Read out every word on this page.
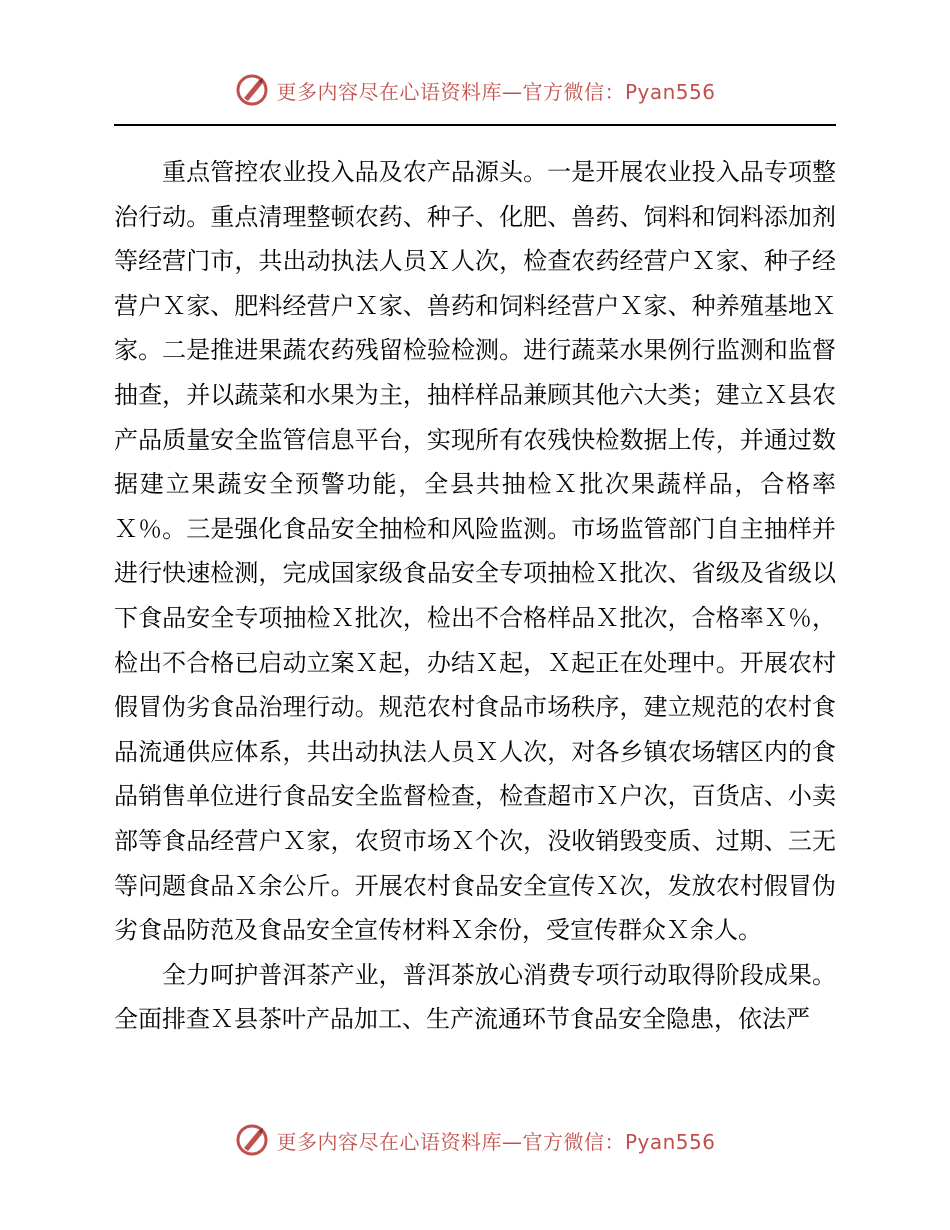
更多内容尽在心语资料库—官方微信：Pyan556

重点管控农业投入品及农产品源头。一是开展农业投入品专项整治行动。重点清理整顿农药、种子、化肥、兽药、饲料和饲料添加剂等经营门市，共出动执法人员Ｘ人次，检查农药经营户Ｘ家、种子经营户Ｘ家、肥料经营户Ｘ家、兽药和饲料经营户Ｘ家、种养殖基地Ｘ家。二是推进果蔬农药残留检验检测。进行蔬菜水果例行监测和监督抽查，并以蔬菜和水果为主，抽样样品兼顾其他六大类；建立Ｘ县农产品质量安全监管信息平台，实现所有农残快检数据上传，并通过数据建立果蔬安全预警功能，全县共抽检Ｘ批次果蔬样品，合格率Ｘ％。三是强化食品安全抽检和风险监测。市场监管部门自主抽样并进行快速检测，完成国家级食品安全专项抽检Ｘ批次、省级及省级以下食品安全专项抽检Ｘ批次，检出不合格样品Ｘ批次，合格率Ｘ％，检出不合格已启动立案Ｘ起，办结Ｘ起，Ｘ起正在处理中。开展农村假冒伪劣食品治理行动。规范农村食品市场秩序，建立规范的农村食品流通供应体系，共出动执法人员Ｘ人次，对各乡镇农场辖区内的食品销售单位进行食品安全监督检查，检查超市Ｘ户次，百货店、小卖部等食品经营户Ｘ家，农贸市场Ｘ个次，没收销毁变质、过期、三无等问题食品Ｘ余公斤。开展农村食品安全宣传Ｘ次，发放农村假冒伪劣食品防范及食品安全宣传材料Ｘ余份，受宣传群众Ｘ余人。

全力呵护普洱茶产业，普洱茶放心消费专项行动取得阶段成果。全面排查Ｘ县茶叶产品加工、生产流通环节食品安全隐患，依法严

更多内容尽在心语资料库—官方微信：Pyan556
